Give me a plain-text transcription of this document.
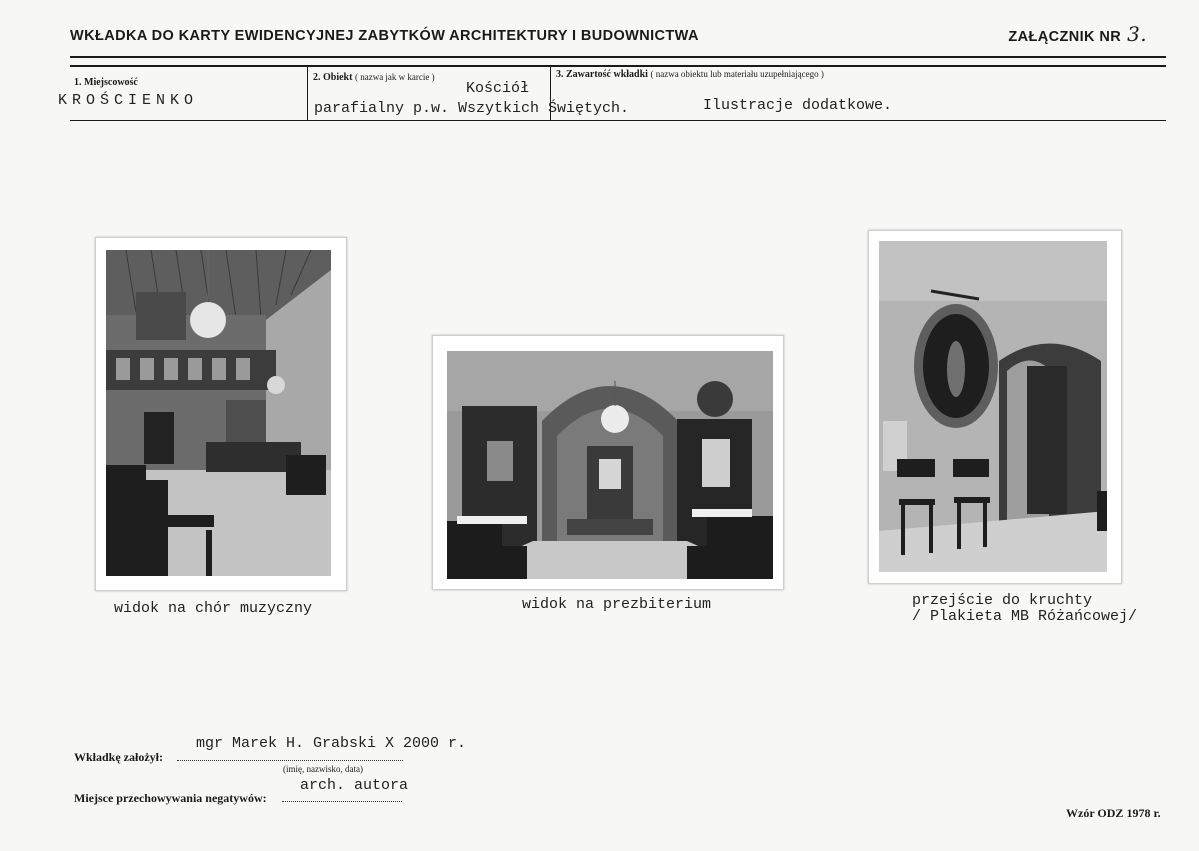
WKŁADKA DO KARTY EWIDENCYJNEJ ZABYTKÓW ARCHITEKTURY I BUDOWNICTWA	ZAŁĄCZNIK NR 3.
1. Miejscowość
KROŚCIENKO
2. Obiekt ( nazwa jak w karcie )
Kościół
parafialny p.w. Wszytkich Świętych.
3. Zawartość wkładki ( nazwa obiektu lub materiału uzupełniającego )
Ilustracje dodatkowe.
widok na chór muzyczny	widok na prezbiterium	przejście do kruchty
/ Plakieta MB Różańcowej/
Wkładkę założył:
mgr Marek H. Grabski X 2000 r.
(imię, nazwisko, data)
Miejsce przechowywania negatywów:
arch. autora
Wzór ODZ 1978 r.
